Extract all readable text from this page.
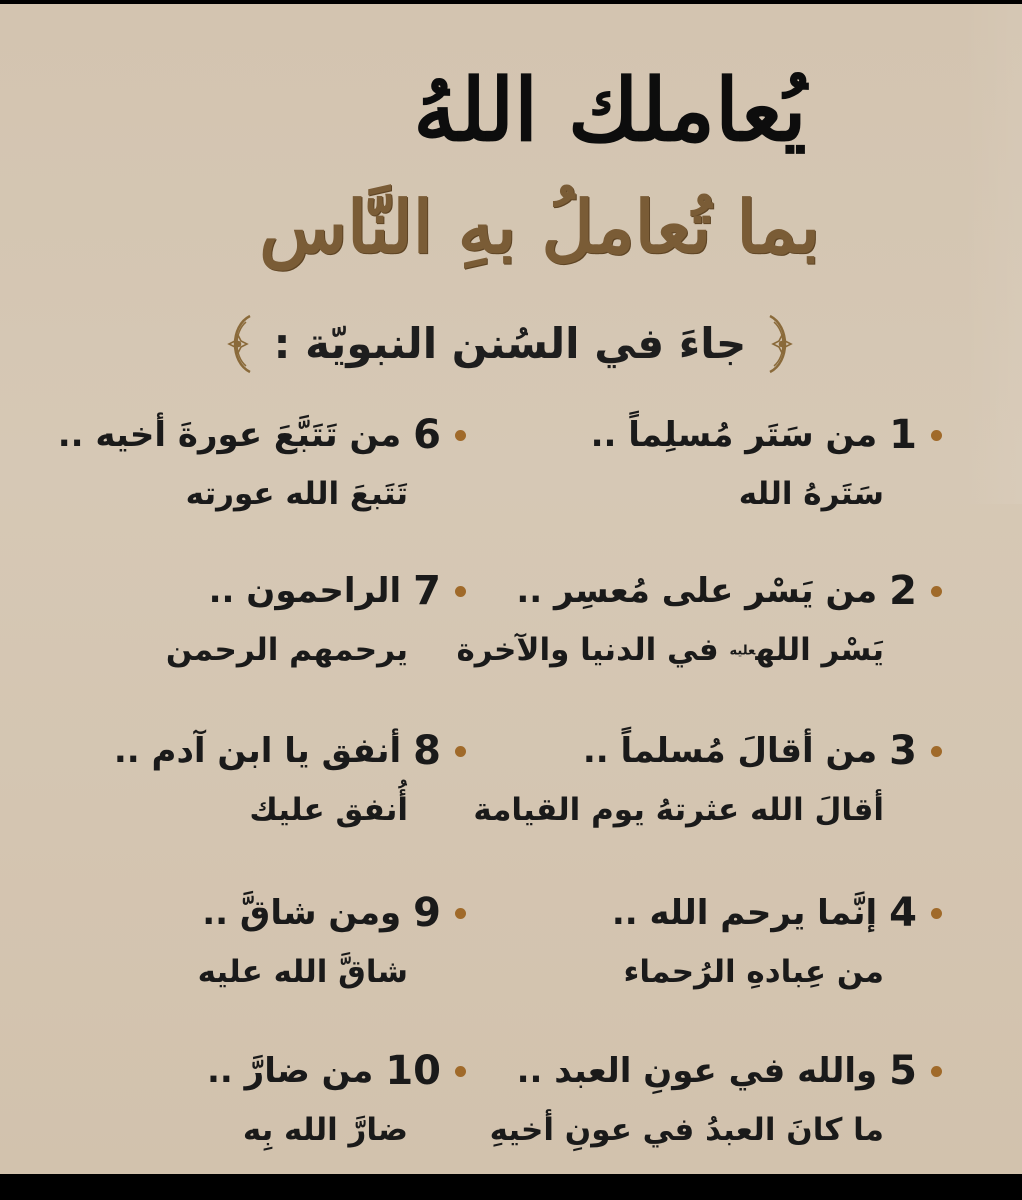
يُعاملك اللهُ
بما تُعاملُ بهِ النَّاس
جاءَ في السُنن النبويّة :
1
من سَتَر مُسلِماً ..
سَتَرهُ الله
2
من يَسْر على مُعسِر ..
يَسْر اللهعليه في الدنيا والآخرة
3
من أقالَ مُسلماً ..
أقالَ الله عثرتهُ يوم القيامة
4
إنَّما يرحم الله ..
من عِبادهِ الرُحماء
5
والله في عونِ العبد ..
ما كانَ العبدُ في عونِ أخيهِ
6
من تَتَبَّعَ عورةَ أخيه ..
تَتَبعَ الله عورته
7
الراحمون ..
يرحمهم الرحمن
8
أنفق يا ابن آدم ..
أُنفق عليك
9
ومن شاقَّ ..
شاقَّ الله عليه
10
من ضارَّ ..
ضارَّ الله بِه
